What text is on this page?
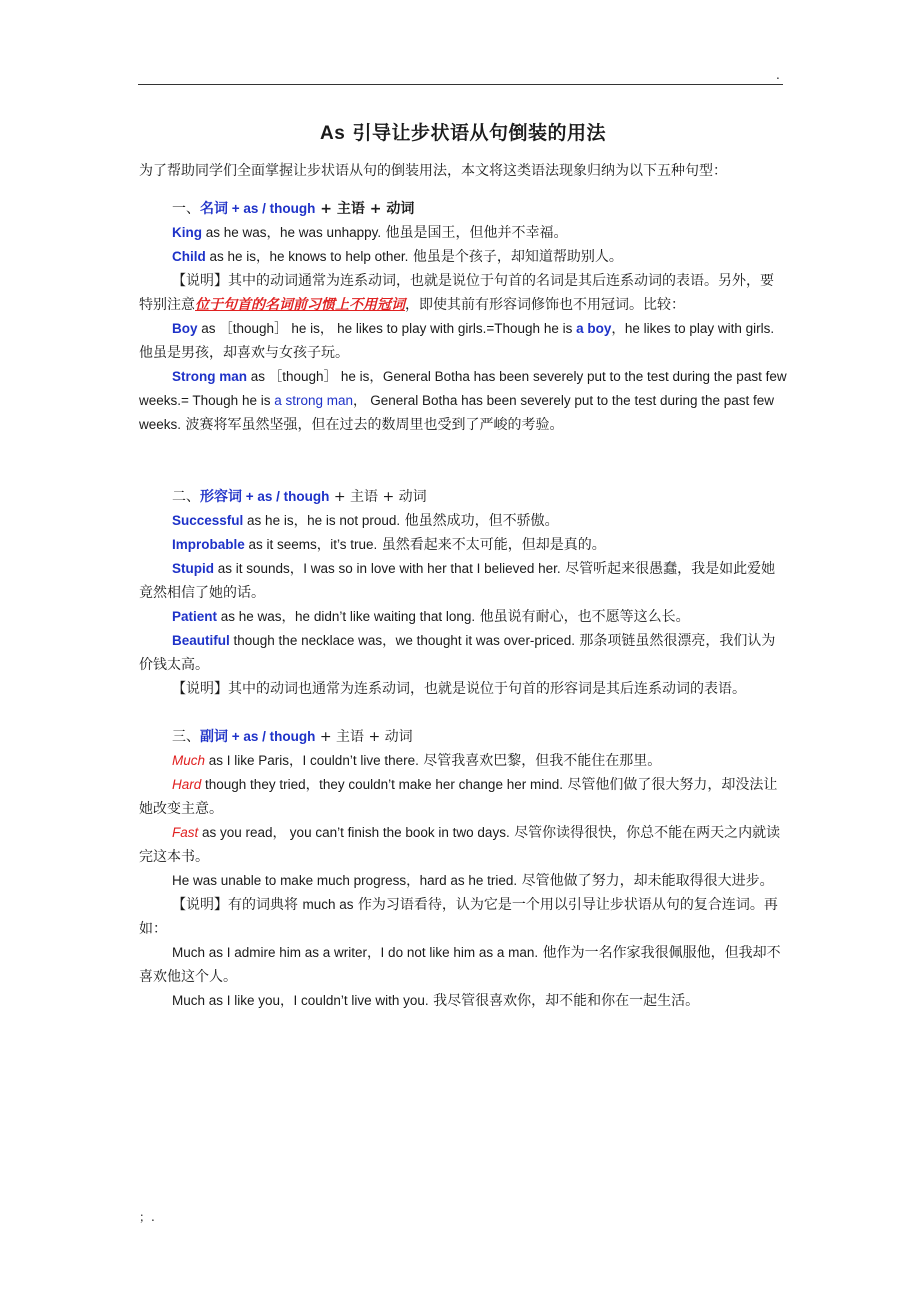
.
As 引导让步状语从句倒装的用法

为了帮助同学们全面掌握让步状语从句的倒装用法，本文将这类语法现象归纳为以下五种句型：

一、名词 + as / though + 主语 + 动词

King as he was，he was unhappy. 他虽是国王，但他并不幸福。

Child as he is，he knows to help other. 他虽是个孩子，却知道帮助别人。

【说明】其中的动词通常为连系动词，也就是说位于句首的名词是其后连系动词的表语。另外，要特别注意位于句首的名词前习惯上不用冠词，即使其前有形容词修饰也不用冠词。比较：

Boy as ［though］ he is， he likes to play with girls.=Though he is a boy，he likes to play with girls. 他虽是男孩，却喜欢与女孩子玩。

Strong man as ［though］ he is，General Botha has been severely put to the test during the past few weeks.= Though he is a strong man， General Botha has been severely put to the test during the past few weeks. 波赛将军虽然坚强，但在过去的数周里也受到了严峻的考验。

二、形容词 + as / though + 主语 + 动词

Successful as he is，he is not proud. 他虽然成功，但不骄傲。

Improbable as it seems，it’s true. 虽然看起来不太可能，但却是真的。

Stupid as it sounds，I was so in love with her that I believed her. 尽管听起来很愚蠢，我是如此爱她竟然相信了她的话。

Patient as he was，he didn’t like waiting that long. 他虽说有耐心，也不愿等这么长。

Beautiful though the necklace was，we thought it was over-priced. 那条项链虽然很漂亮，我们认为价钱太高。

【说明】其中的动词也通常为连系动词，也就是说位于句首的形容词是其后连系动词的表语。

三、副词 + as / though + 主语 + 动词

Much as I like Paris，I couldn’t live there. 尽管我喜欢巴黎，但我不能住在那里。

Hard though they tried，they couldn’t make her change her mind. 尽管他们做了很大努力，却没法让她改变主意。

Fast as you read， you can’t finish the book in two days. 尽管你读得很快，你总不能在两天之内就读完这本书。

He was unable to make much progress，hard as he tried. 尽管他做了努力，却未能取得很大进步。

【说明】有的词典将 much as 作为习语看待，认为它是一个用以引导让步状语从句的复合连词。再如：

Much as I admire him as a writer，I do not like him as a man. 他作为一名作家我很佩服他，但我却不喜欢他这个人。

Much as I like you，I couldn’t live with you. 我尽管很喜欢你，却不能和你在一起生活。

；.
